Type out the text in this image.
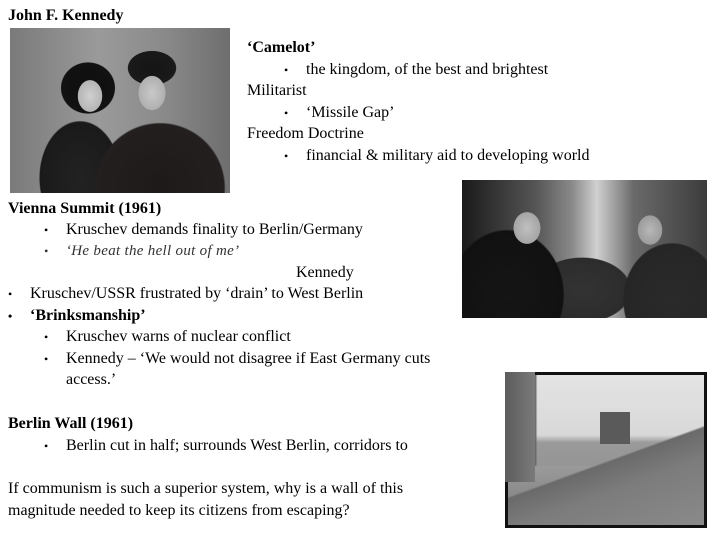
John F. Kennedy
‘Camelot’
• the kingdom, of the best and brightest
Militarist
• ‘Missile Gap’
Freedom Doctrine
• financial & military aid to developing world
Vienna Summit (1961)
• Kruschev demands finality to Berlin/Germany
• ‘He beat the hell out of me’
Kennedy
• Kruschev/USSR frustrated by ‘drain’ to West Berlin
• ‘Brinksmanship’
• Kruschev warns of nuclear conflict
• Kennedy – ‘We would not disagree if East Germany cuts
access.’
Berlin Wall (1961)
• Berlin cut in half; surrounds West Berlin, corridors to
If communism is such a superior system, why is a wall of this
magnitude needed to keep its citizens from escaping?
